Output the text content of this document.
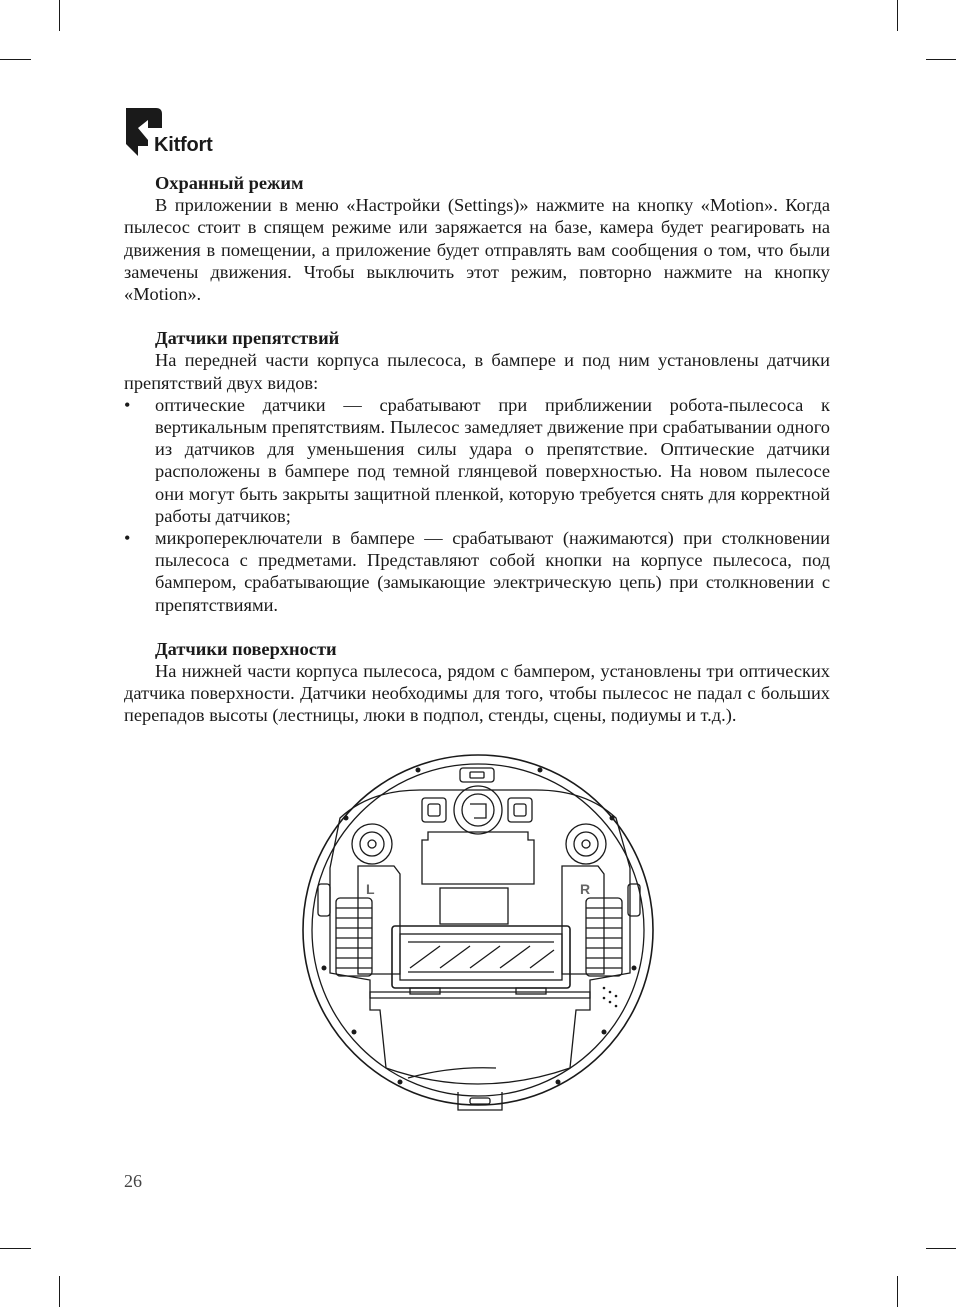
Kitfort
Охранный режим

В приложении в меню «Настройки (Settings)» нажмите на кнопку «Motion». Когда пылесос стоит в спящем режиме или заряжается на базе, камера будет реагировать на движения в помещении, а приложение будет отправлять вам сообщения о том, что были замечены движения. Чтобы выключить этот режим, повторно нажмите на кнопку «Motion».

Датчики препятствий

На передней части корпуса пылесоса, в бампере и под ним установлены датчики препятствий двух видов:

• оптические датчики — срабатывают при приближении робота-пылесоса к вертикальным препятствиям. Пылесос замедляет движение при срабатывании одного из датчиков для уменьшения силы удара о препятствие. Оптические датчики расположены в бампере под темной глянцевой поверхностью. На новом пылесосе они могут быть закрыты защитной пленкой, которую требуется снять для корректной работы датчиков;
• микропереключатели в бампере — срабатывают (нажимаются) при столкновении пылесоса с предметами. Представляют собой кнопки на корпусе пылесоса, под бампером, срабатывающие (замыкающие электрическую цепь) при столкновении с препятствиями.
Датчики поверхности

На нижней части корпуса пылесоса, рядом с бампером, установлены три оптических датчика поверхности. Датчики необходимы для того, чтобы пылесос не падал с больших перепадов высоты (лестницы, люки в подпол, стенды, сцены, подиумы и т.д.).

L	R
26
